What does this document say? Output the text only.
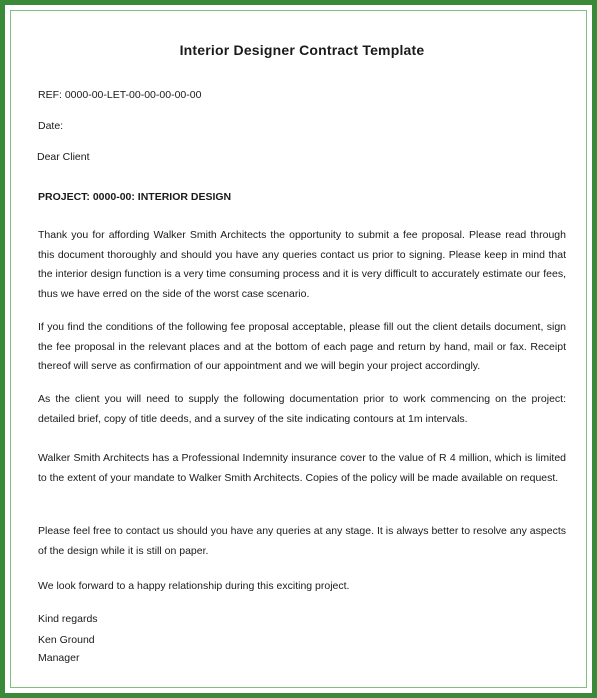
Interior Designer Contract Template
REF: 0000-00-LET-00-00-00-00-00
Date:
Dear Client
PROJECT: 0000-00: INTERIOR DESIGN
Thank you for affording Walker Smith Architects the opportunity to submit a fee proposal. Please read through this document thoroughly and should you have any queries contact us prior to signing. Please keep in mind that the interior design function is a very time consuming process and it is very difficult to accurately estimate our fees, thus we have erred on the side of the worst case scenario.
If you find the conditions of the following fee proposal acceptable, please fill out the client details document, sign the fee proposal in the relevant places and at the bottom of each page and return by hand, mail or fax. Receipt thereof will serve as confirmation of our appointment and we will begin your project accordingly.
As the client you will need to supply the following documentation prior to work commencing on the project: detailed brief, copy of title deeds, and a survey of the site indicating contours at 1m intervals.
Walker Smith Architects has a Professional Indemnity insurance cover to the value of R 4 million, which is limited to the extent of your mandate to Walker Smith Architects. Copies of the policy will be made available on request.
Please feel free to contact us should you have any queries at any stage. It is always better to resolve any aspects of the design while it is still on paper.
We look forward to a happy relationship during this exciting project.
Kind regards
Ken Ground
Manager
